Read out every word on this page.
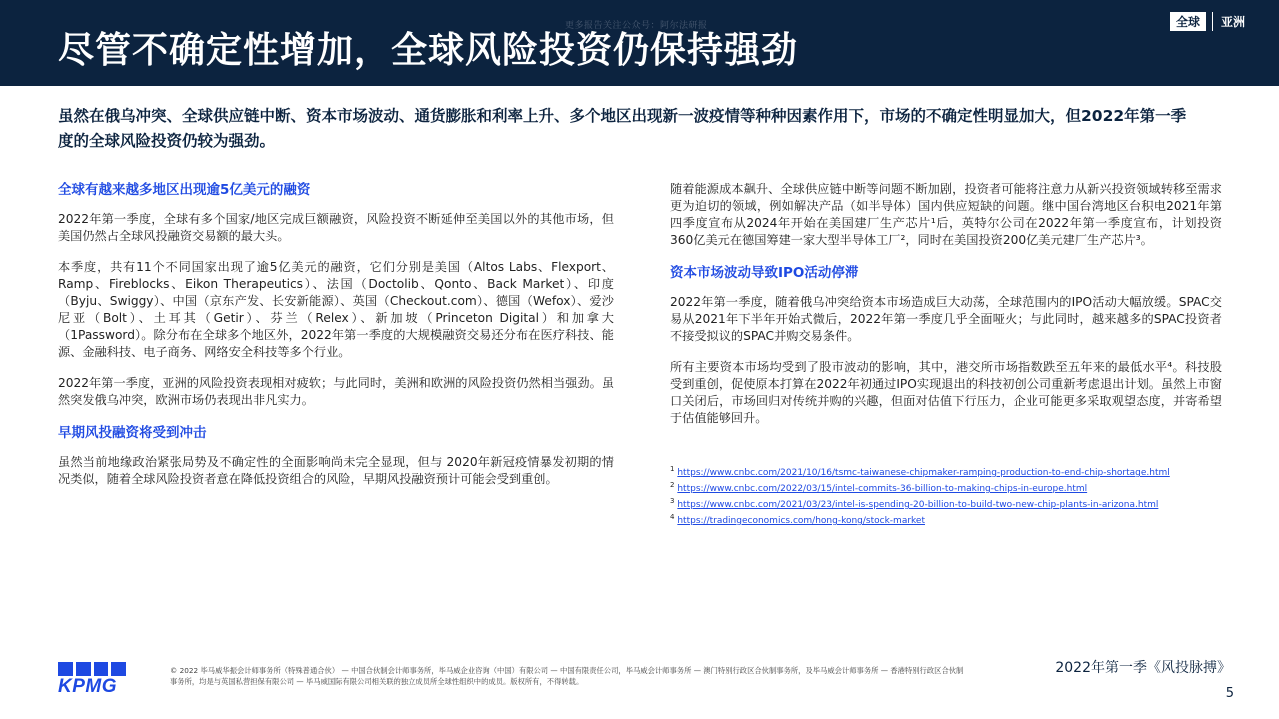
更多报告关注公众号：阿尔法研报
尽管不确定性增加，全球风险投资仍保持强劲
全球	亚洲
虽然在俄乌冲突、全球供应链中断、资本市场波动、通货膨胀和利率上升、多个地区出现新一波疫情等种种因素作用下，市场的不确定性明显加大，但2022年第一季度的全球风险投资仍较为强劲。
全球有越来越多地区出现逾5亿美元的融资

2022年第一季度，全球有多个国家/地区完成巨额融资，风险投资不断延伸至美国以外的其他市场，但美国仍然占全球风投融资交易额的最大头。

本季度，共有11个不同国家出现了逾5亿美元的融资，它们分别是美国（Altos Labs、Flexport、Ramp、Fireblocks、Eikon Therapeutics）、法国（Doctolib、Qonto、Back Market）、印度（Byju、Swiggy）、中国（京东产发、长安新能源）、英国（Checkout.com）、德国（Wefox）、爱沙尼亚（Bolt）、土耳其（Getir）、芬兰（Relex）、新加坡（Princeton Digital）和加拿大（1Password）。除分布在全球多个地区外，2022年第一季度的大规模融资交易还分布在医疗科技、能源、金融科技、电子商务、网络安全科技等多个行业。

2022年第一季度，亚洲的风险投资表现相对疲软；与此同时，美洲和欧洲的风险投资仍然相当强劲。虽然突发俄乌冲突，欧洲市场仍表现出非凡实力。

早期风投融资将受到冲击

虽然当前地缘政治紧张局势及不确定性的全面影响尚未完全显现，但与 2020年新冠疫情暴发初期的情况类似，随着全球风险投资者意在降低投资组合的风险，早期风投融资预计可能会受到重创。

随着能源成本飙升、全球供应链中断等问题不断加剧，投资者可能将注意力从新兴投资领域转移至需求更为迫切的领域，例如解决产品（如半导体）国内供应短缺的问题。继中国台湾地区台积电2021年第四季度宣布从2024年开始在美国建厂生产芯片¹后，英特尔公司在2022年第一季度宣布，计划投资360亿美元在德国筹建一家大型半导体工厂²，同时在美国投资200亿美元建厂生产芯片³。

资本市场波动导致IPO活动停滞

2022年第一季度，随着俄乌冲突给资本市场造成巨大动荡，全球范围内的IPO活动大幅放缓。SPAC交易从2021年下半年开始式微后，2022年第一季度几乎全面哑火；与此同时，越来越多的SPAC投资者不接受拟议的SPAC并购交易条件。

所有主要资本市场均受到了股市波动的影响，其中，港交所市场指数跌至五年来的最低水平⁴。科技股受到重创，促使原本打算在2022年初通过IPO实现退出的科技初创公司重新考虑退出计划。虽然上市窗口关闭后，市场回归对传统并购的兴趣，但面对估值下行压力，企业可能更多采取观望态度，并寄希望于估值能够回升。

$^1$ https://www.cnbc.com/2021/10/16/tsmc-taiwanese-chipmaker-ramping-production-to-end-chip-shortage.html
$^2$ https://www.cnbc.com/2022/03/15/intel-commits-36-billion-to-making-chips-in-europe.html
$^3$ https://www.cnbc.com/2021/03/23/intel-is-spending-20-billion-to-build-two-new-chip-plants-in-arizona.html
$^4$ https://tradingeconomics.com/hong-kong/stock-market
KPMG
© 2022 毕马威华振会计师事务所（特殊普通合伙） — 中国合伙制会计师事务所，毕马威企业咨询（中国）有限公司 — 中国有限责任公司，毕马威会计师事务所 — 澳门特别行政区合伙制事务所，及毕马威会计师事务所 — 香港特别行政区合伙制事务所，均是与英国私营担保有限公司 — 毕马威国际有限公司相关联的独立成员所全球性组织中的成员。版权所有，不得转载。
2022年第一季《风投脉搏》
5
